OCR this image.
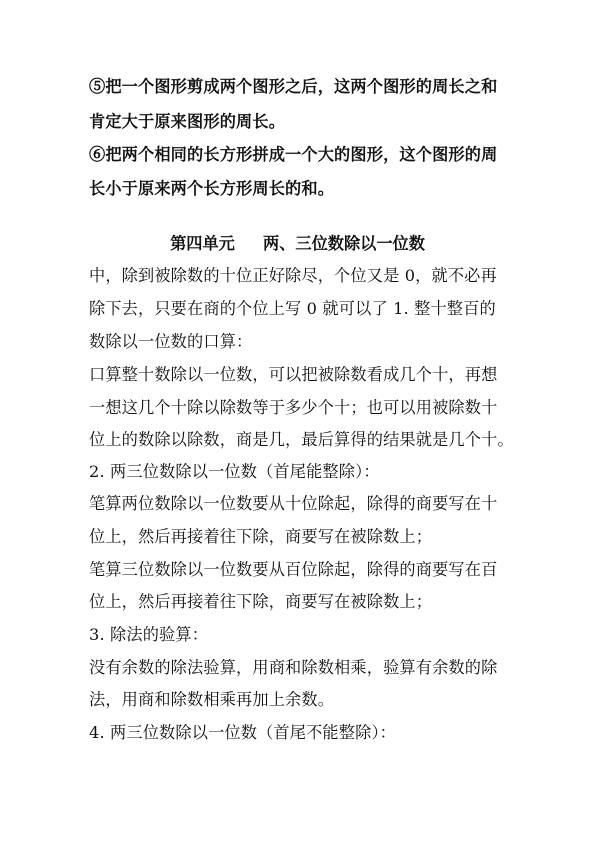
⑤把一个图形剪成两个图形之后，这两个图形的周长之和
肯定大于原来图形的周长。
⑥把两个相同的长方形拼成一个大的图形，这个图形的周
长小于原来两个长方形周长的和。
第四单元     两、三位数除以一位数
中，除到被除数的十位正好除尽，个位又是 0，就不必再
除下去，只要在商的个位上写 0 就可以了 1. 整十整百的
数除以一位数的口算：
口算整十数除以一位数，可以把被除数看成几个十，再想
一想这几个十除以除数等于多少个十；也可以用被除数十
位上的数除以除数，商是几，最后算得的结果就是几个十。
2. 两三位数除以一位数（首尾能整除）：
笔算两位数除以一位数要从十位除起，除得的商要写在十
位上，然后再接着往下除，商要写在被除数上；
笔算三位数除以一位数要从百位除起，除得的商要写在百
位上，然后再接着往下除，商要写在被除数上；
3. 除法的验算：
没有余数的除法验算，用商和除数相乘，验算有余数的除
法，用商和除数相乘再加上余数。
4. 两三位数除以一位数（首尾不能整除）：
